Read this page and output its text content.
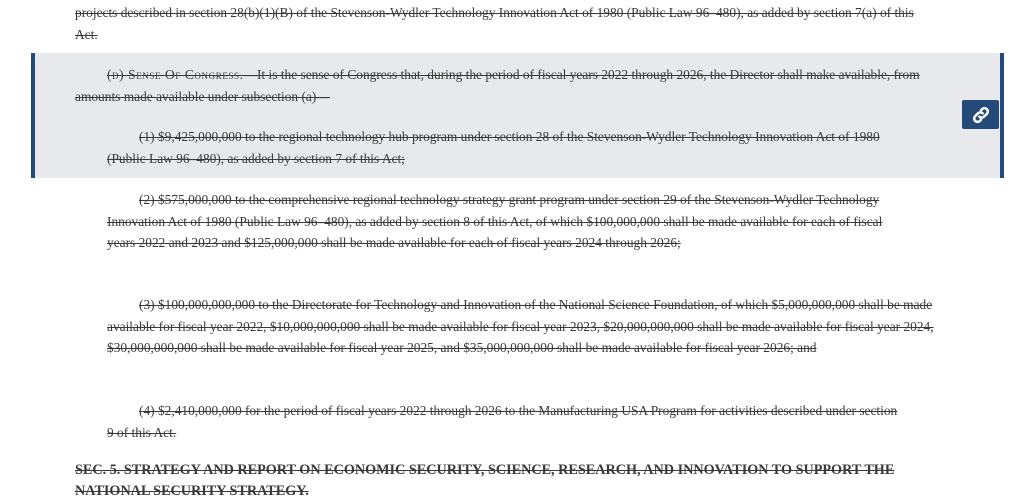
projects described in section 28(b)(1)(B) of the Stevenson-Wydler Technology Innovation Act of 1980 (Public Law 96–480), as added by section 7(a) of this Act.

(d) Sense Of Congress.—It is the sense of Congress that, during the period of fiscal years 2022 through 2026, the Director shall make available, from amounts made available under subsection (a)—

(1) $9,425,000,000 to the regional technology hub program under section 28 of the Stevenson-Wydler Technology Innovation Act of 1980 (Public Law 96–480), as added by section 7 of this Act;

(2) $575,000,000 to the comprehensive regional technology strategy grant program under section 29 of the Stevenson-Wydler Technology Innovation Act of 1980 (Public Law 96–480), as added by section 8 of this Act, of which $100,000,000 shall be made available for each of fiscal years 2022 and 2023 and $125,000,000 shall be made available for each of fiscal years 2024 through 2026;

(3) $100,000,000,000 to the Directorate for Technology and Innovation of the National Science Foundation, of which $5,000,000,000 shall be made available for fiscal year 2022, $10,000,000,000 shall be made available for fiscal year 2023, $20,000,000,000 shall be made available for fiscal year 2024, $30,000,000,000 shall be made available for fiscal year 2025, and $35,000,000,000 shall be made available for fiscal year 2026; and

(4) $2,410,000,000 for the period of fiscal years 2022 through 2026 to the Manufacturing USA Program for activities described under section 9 of this Act.

SEC. 5. STRATEGY AND REPORT ON ECONOMIC SECURITY, SCIENCE, RESEARCH, AND INNOVATION TO SUPPORT THE NATIONAL SECURITY STRATEGY.
